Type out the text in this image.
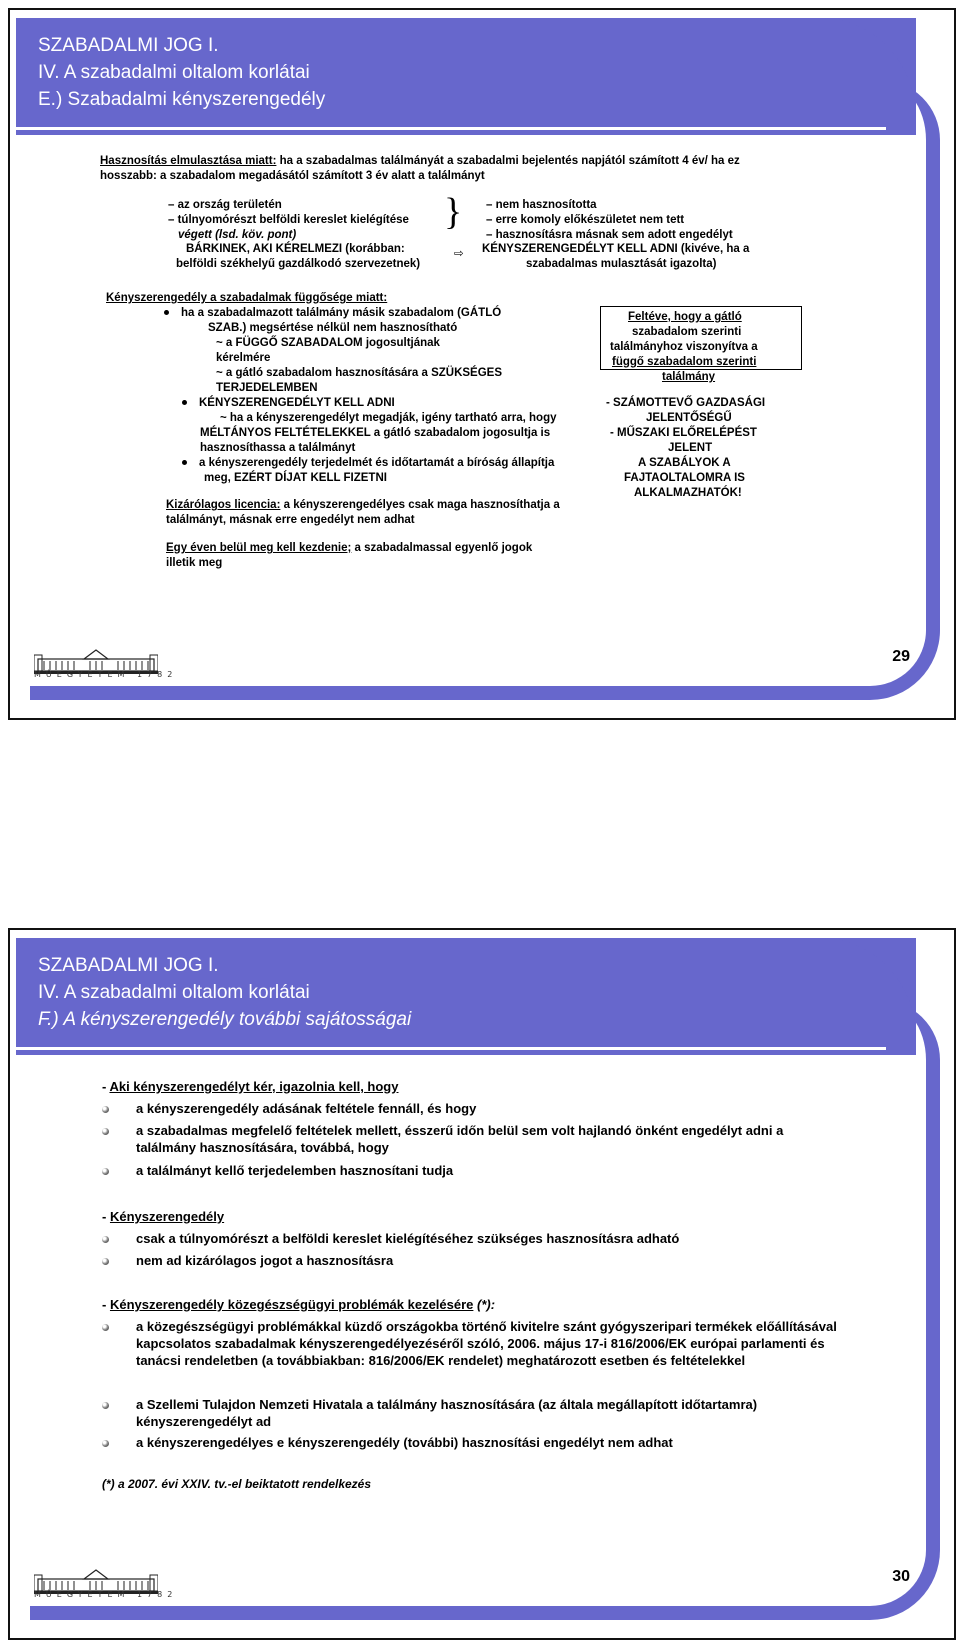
SZABADALMI JOG I.
IV. A szabadalmi oltalom korlátai
E.) Szabadalmi kényszerengedély
Hasznosítás elmulasztása miatt: ha a szabadalmas találmányát a szabadalmi bejelentés napjától számított 4 év/ ha ez
hosszabb: a szabadalom megadásától számított 3 év alatt a találmányt
– az ország területén
– túlnyomórészt belföldi kereslet kielégítése
végett (lsd. köv. pont)
} – nem hasznosította
– erre komoly előkészületet nem tett
– hasznosításra másnak sem adott engedélyt
BÁRKINEK, AKI KÉRELMEZI (korábban:
belföldi székhelyű gazdálkodó szervezetnek)
⇨ KÉNYSZERENGEDÉLYT KELL ADNI (kivéve, ha a
szabadalmas mulasztását igazolta)
Kényszerengedély a szabadalmak függősége miatt:
ha a szabadalmazott találmány másik szabadalom (GÁTLÓ
SZAB.) megsértése nélkül nem hasznosítható
~ a FÜGGŐ SZABADALOM jogosultjának
kérelmére
~ a gátló szabadalom hasznosítására a SZÜKSÉGES
TERJEDELEMBEN
KÉNYSZERENGEDÉLYT KELL ADNI
~ ha a kényszerengedélyt megadják, igény tartható arra, hogy
MÉLTÁNYOS FELTÉTELEKKEL a gátló szabadalom jogosultja is
hasznosíthassa a találmányt
a kényszerengedély terjedelmét és időtartamát a bíróság állapítja
meg, EZÉRT DÍJAT KELL FIZETNI
Feltéve, hogy a gátló
szabadalom szerinti
találmányhoz viszonyítva a
függő szabadalom szerinti
találmány
- SZÁMOTTEVŐ GAZDASÁGI
JELENTŐSÉGŰ
- MŰSZAKI ELŐRELÉPÉST
JELENT
A SZABÁLYOK A
FAJTAOLTALOMRA IS
ALKALMAZHATÓK!
Kizárólagos licencia: a kényszerengedélyes csak maga hasznosíthatja a
találmányt, másnak erre engedélyt nem adhat
Egy éven belül meg kell kezdenie; a szabadalmassal egyenlő jogok
illetik meg
MŰEGYETEM 1782
29
SZABADALMI JOG I.
IV. A szabadalmi oltalom korlátai
F.) A kényszerengedély további sajátosságai
- Aki kényszerengedélyt kér, igazolnia kell, hogy
a kényszerengedély adásának feltétele fennáll, és hogy
a szabadalmas megfelelő feltételek mellett, ésszerű időn belül sem volt hajlandó önként engedélyt adni a találmány hasznosítására, továbbá, hogy
a találmányt kellő terjedelemben hasznosítani tudja
- Kényszerengedély
csak a túlnyomórészt a belföldi kereslet kielégítéséhez szükséges hasznosításra adható
nem ad kizárólagos jogot a hasznosításra
- Kényszerengedély közegészségügyi problémák kezelésére (*):
a közegészségügyi problémákkal küzdő országokba történő kivitelre szánt gyógyszeripari termékek előállításával kapcsolatos szabadalmak kényszerengedélyezéséről szóló, 2006. május 17-i 816/2006/EK európai parlamenti és tanácsi rendeletben (a továbbiakban: 816/2006/EK rendelet) meghatározott esetben és feltételekkel
a Szellemi Tulajdon Nemzeti Hivatala a találmány hasznosítására (az általa megállapított időtartamra) kényszerengedélyt ad
a kényszerengedélyes e kényszerengedély (további) hasznosítási engedélyt nem adhat
(*) a 2007. évi XXIV. tv.-el beiktatott rendelkezés
MŰEGYETEM 1782
30
